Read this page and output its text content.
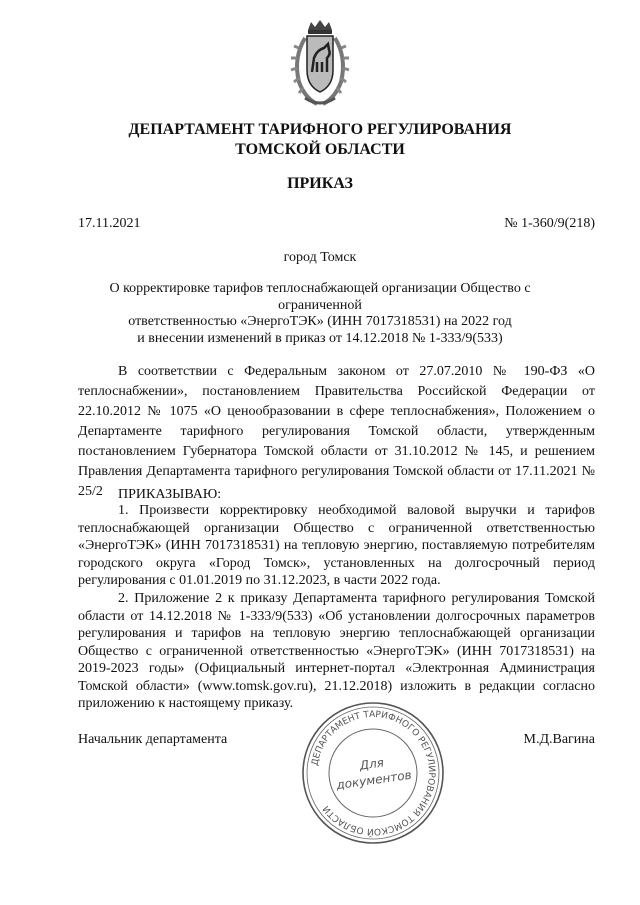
ДЕПАРТАМЕНТ ТАРИФНОГО РЕГУЛИРОВАНИЯ
ТОМСКОЙ ОБЛАСТИ
ПРИКАЗ
17.11.2021	№ 1-360/9(218)
город Томск
О корректировке тарифов теплоснабжающей организации Общество с ограниченной
ответственностью «ЭнергоТЭК» (ИНН 7017318531) на 2022 год
и внесении изменений в приказ от 14.12.2018 № 1-333/9(533)

В соответствии с Федеральным законом от 27.07.2010 № 190-ФЗ «О теплоснабжении», постановлением Правительства Российской Федерации от 22.10.2012 № 1075 «О ценообразовании в сфере теплоснабжения», Положением о Департаменте тарифного регулирования Томской области, утвержденным постановлением Губернатора Томской области от 31.10.2012 № 145, и решением Правления Департамента тарифного регулирования Томской области от 17.11.2021 № 25/2	ПРИКАЗЫВАЮ:

1. Произвести корректировку необходимой валовой выручки и тарифов теплоснабжающей организации Общество с ограниченной ответственностью «ЭнергоТЭК» (ИНН 7017318531) на тепловую энергию, поставляемую потребителям городского округа «Город Томск», установленных на долгосрочный период регулирования с 01.01.2019 по 31.12.2023, в части 2022 года.

2. Приложение 2 к приказу Департамента тарифного регулирования Томской области от 14.12.2018 № 1-333/9(533) «Об установлении долгосрочных параметров регулирования и тарифов на тепловую энергию теплоснабжающей организации Общество с ограниченной ответственностью «ЭнергоТЭК» (ИНН 7017318531) на 2019-2023 годы» (Официальный интернет-портал «Электронная Администрация Томской области» (www.tomsk.gov.ru), 21.12.2018) изложить в редакции согласно приложению к настоящему приказу.

Начальник департамента	М.Д.Вагина
ДЕПАРТАМЕНТ ТАРИФНОГО РЕГУЛИРОВАНИЯ ТОМСКОЙ ОБЛАСТИ
Для
документов
